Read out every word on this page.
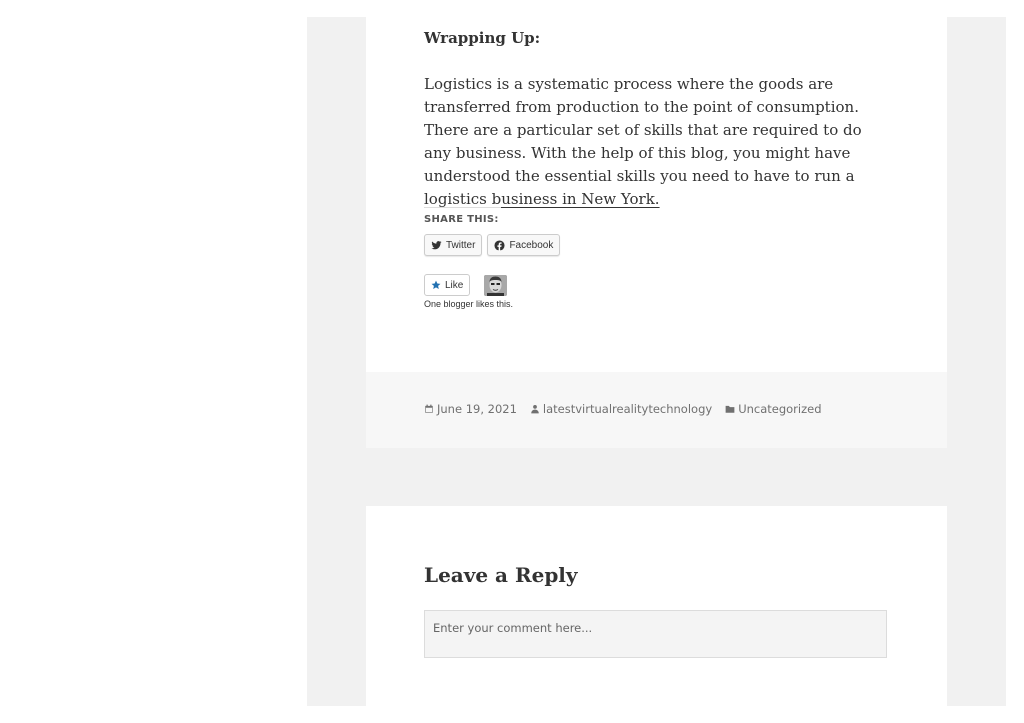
Wrapping Up:

Logistics is a systematic process where the goods are transferred from production to the point of consumption. There are a particular set of skills that are required to do any business. With the help of this blog, you might have understood the essential skills you need to have to run a logistics business in New York.

SHARE THIS:
Twitter	Facebook
Like
One blogger likes this.
June 19, 2021 latestvirtualrealitytechnology Uncategorized
Leave a Reply
Enter your comment here...
